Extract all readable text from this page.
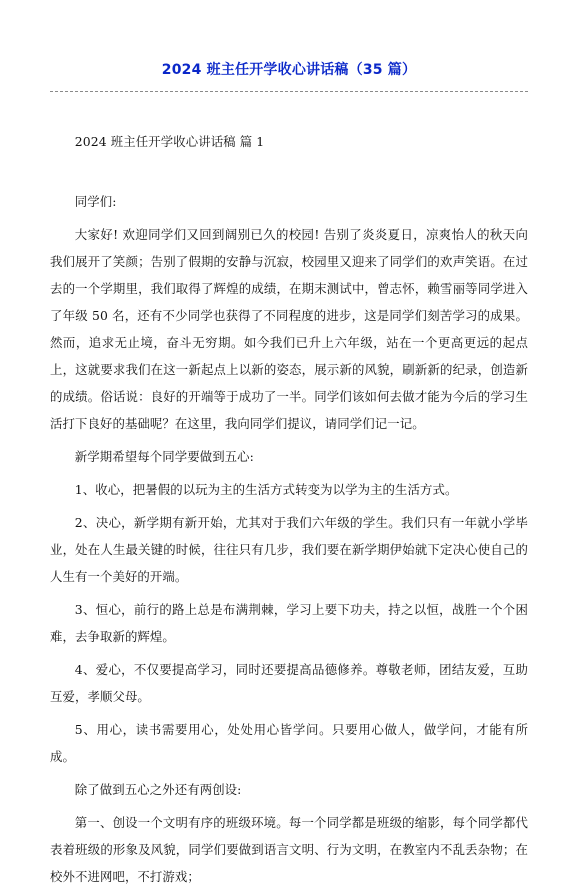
2024 班主任开学收心讲话稿（35 篇）

2024 班主任开学收心讲话稿 篇 1

同学们:

大家好! 欢迎同学们又回到阔别已久的校园! 告别了炎炎夏日，凉爽怡人的秋天向我们展开了笑颜；告别了假期的安静与沉寂，校园里又迎来了同学们的欢声笑语。在过去的一个学期里，我们取得了辉煌的成绩，在期末测试中，曾志怀，赖雪丽等同学进入了年级 50 名，还有不少同学也获得了不同程度的进步，这是同学们刻苦学习的成果。然而，追求无止境，奋斗无穷期。如今我们已升上六年级，站在一个更高更远的起点上，这就要求我们在这一新起点上以新的姿态，展示新的风貌，刷新新的纪录，创造新的成绩。俗话说：良好的开端等于成功了一半。同学们该如何去做才能为今后的学习生活打下良好的基础呢？在这里，我向同学们提议，请同学们记一记。

新学期希望每个同学要做到五心:

1、收心，把暑假的以玩为主的生活方式转变为以学为主的生活方式。

2、决心，新学期有新开始，尤其对于我们六年级的学生。我们只有一年就小学毕业，处在人生最关键的时候，往往只有几步，我们要在新学期伊始就下定决心使自己的人生有一个美好的开端。

3、恒心，前行的路上总是布满荆棘，学习上要下功夫，持之以恒，战胜一个个困难，去争取新的辉煌。

4、爱心，不仅要提高学习，同时还要提高品德修养。尊敬老师，团结友爱，互助互爱，孝顺父母。

5、用心，读书需要用心，处处用心皆学问。只要用心做人，做学问，才能有所成。

除了做到五心之外还有两创设:

第一、创设一个文明有序的班级环境。每一个同学都是班级的缩影，每个同学都代表着班级的形象及风貌，同学们要做到语言文明、行为文明，在教室内不乱丢杂物；在校外不进网吧，不打游戏；
